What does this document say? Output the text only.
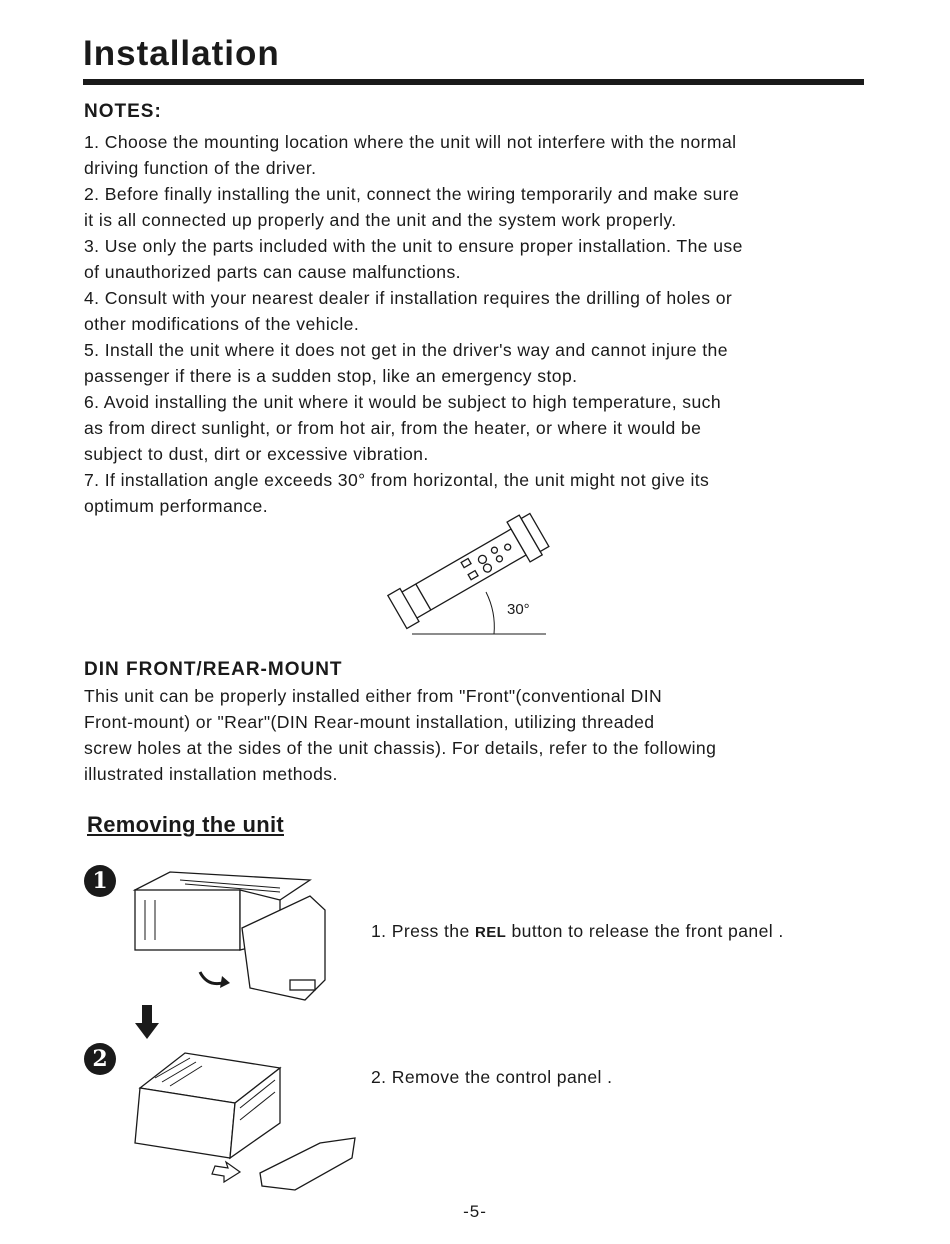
Installation
NOTES:
1. Choose the mounting location where the unit will not interfere with the normal
driving function of the driver.
2. Before finally installing the unit, connect the wiring temporarily and make sure
it is all connected up properly and the unit and the system work properly.
3. Use only the parts included with the unit to ensure proper installation. The use
of unauthorized parts can cause malfunctions.
4. Consult with your nearest dealer if installation requires the drilling of holes or
other modifications of the vehicle.
5. Install the unit where it does not get in the driver's way and cannot injure the
passenger if there is a sudden stop, like an emergency stop.
6. Avoid installing the unit where it would be subject to high temperature, such
as from direct sunlight, or from hot air, from the heater, or where it would be
subject to dust, dirt or excessive vibration.
7. If installation angle exceeds 30° from horizontal, the unit might not give its
optimum performance.
30°
DIN FRONT/REAR-MOUNT
This unit can be properly installed either from "Front"(conventional DIN
Front-mount) or "Rear"(DIN Rear-mount installation, utilizing threaded
screw holes at the sides of the unit chassis). For details, refer to the following
illustrated installation methods.
Removing the unit
1

1. Press the REL button to release the front panel .

2

2. Remove the control panel .

-5-
